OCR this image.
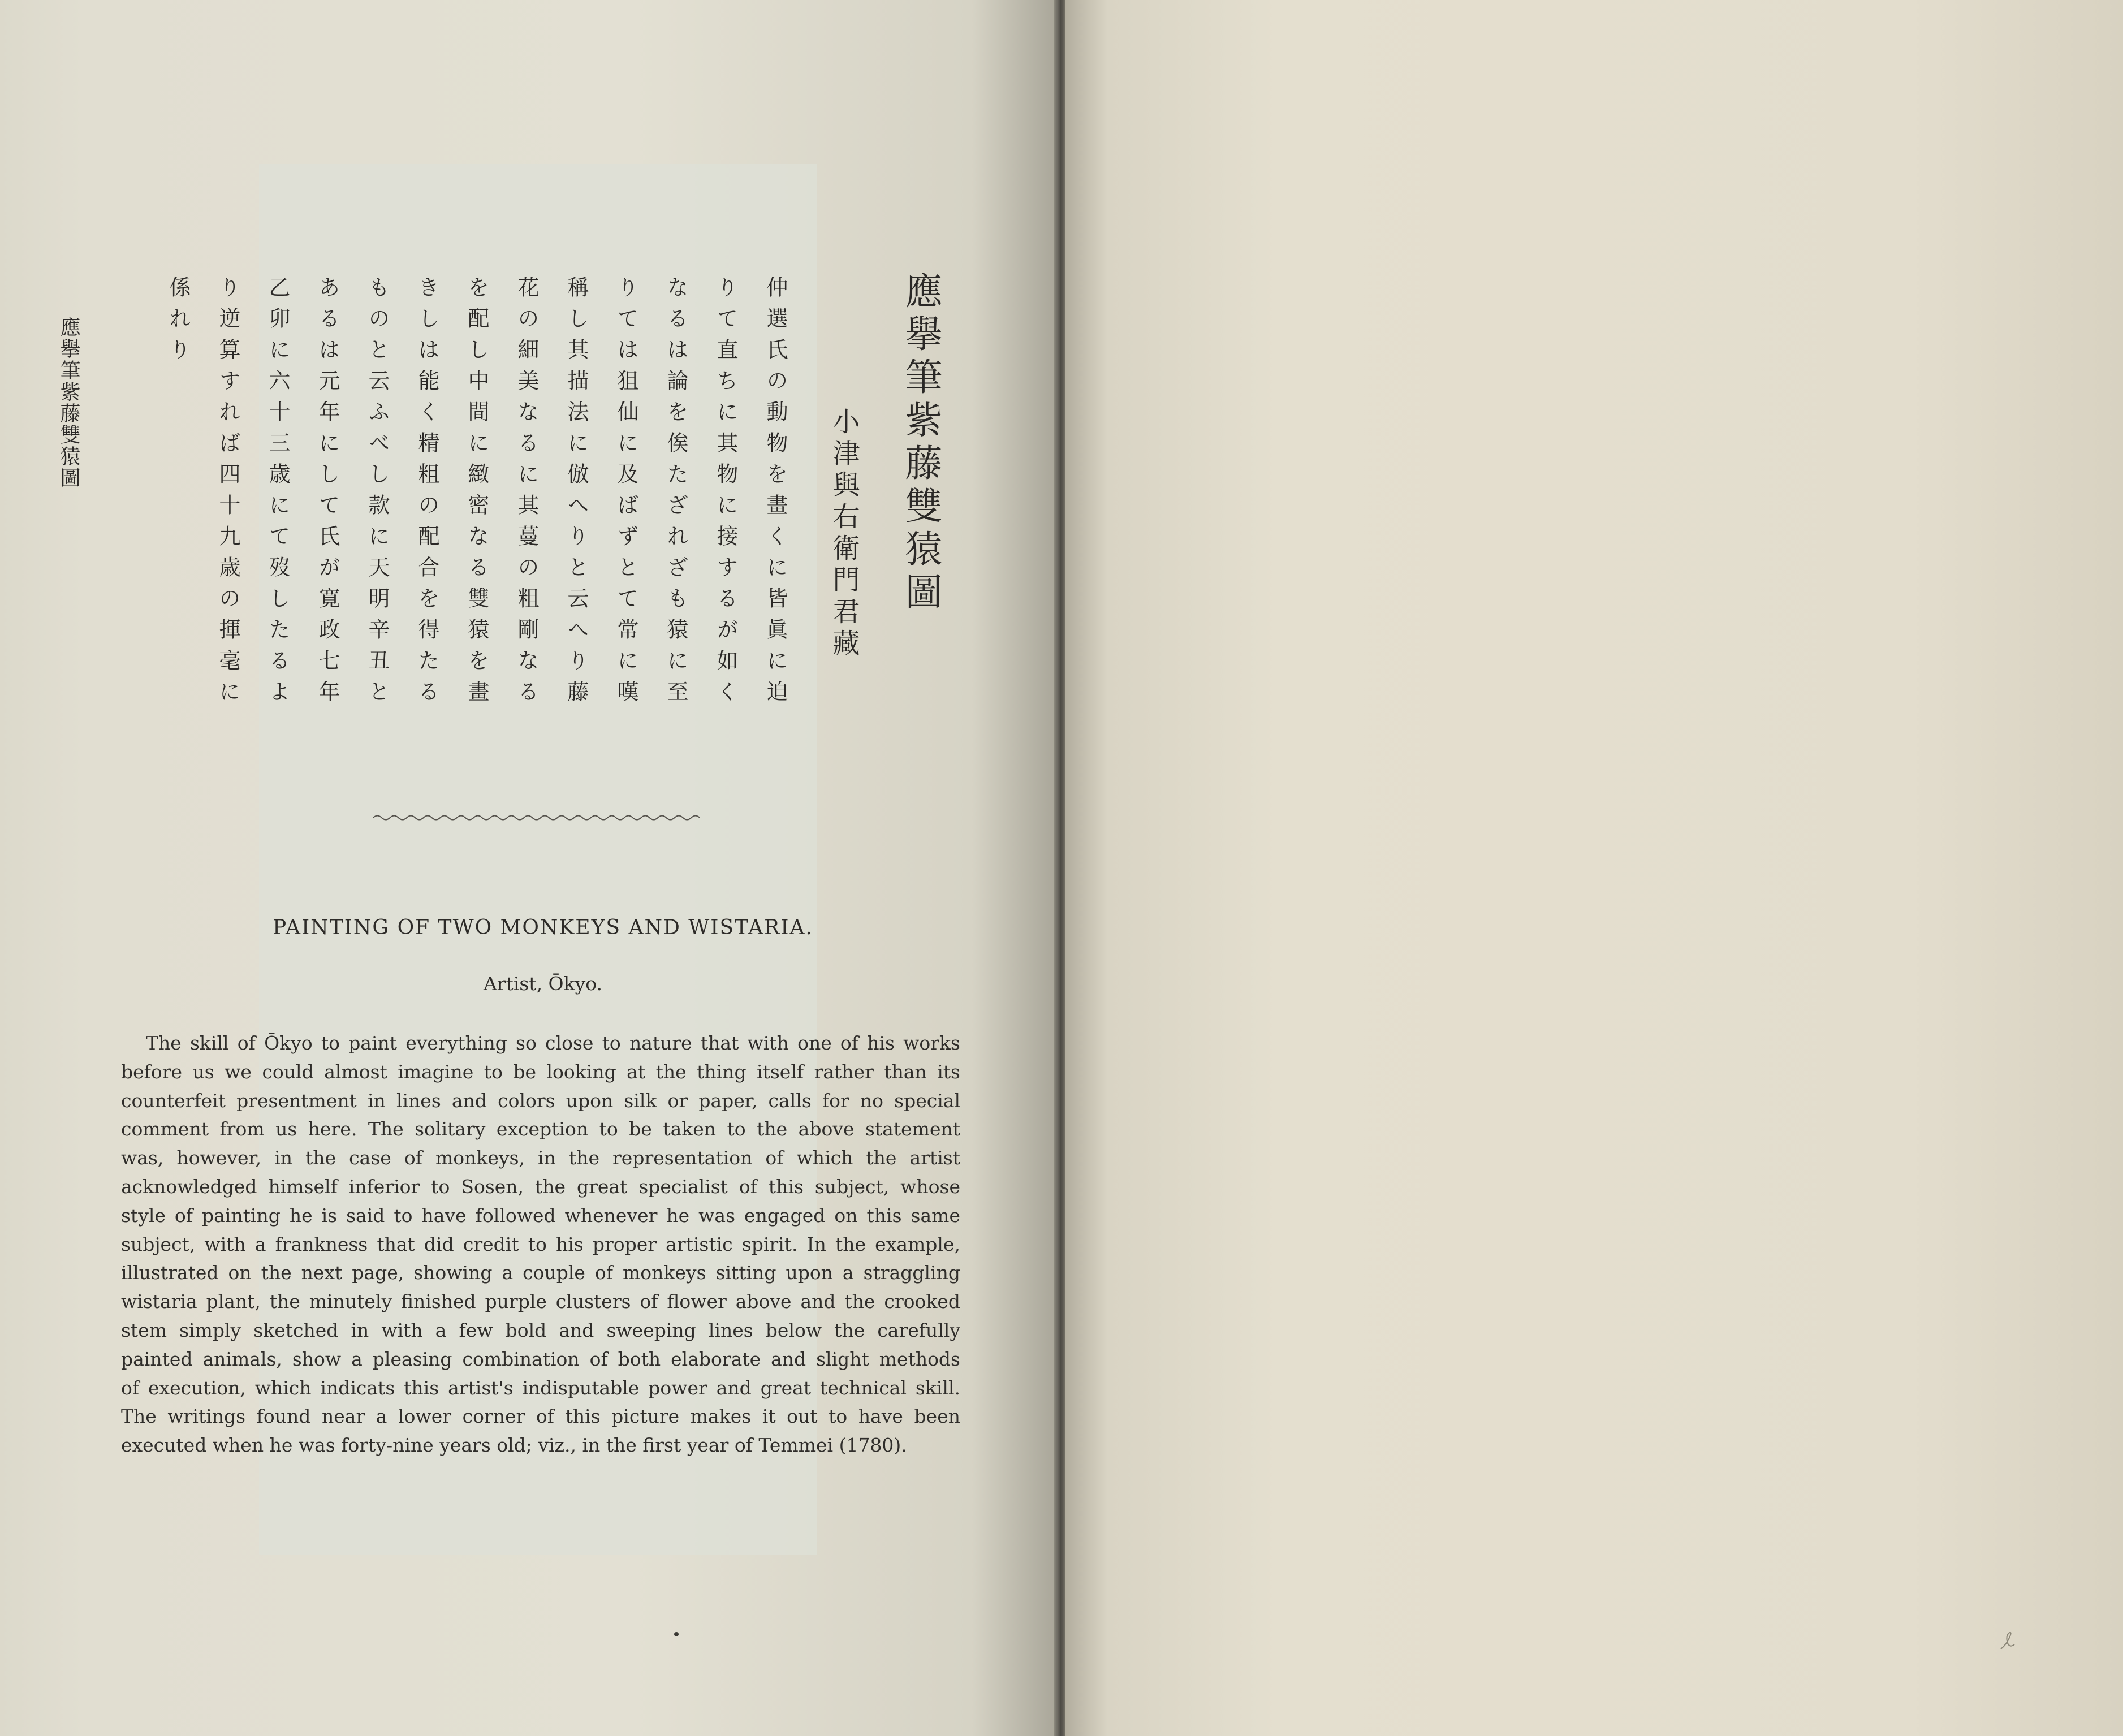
應擧筆紫藤雙猿圖	應擧筆紫藤雙猿圖
小津與右衛門君藏
仲選氏の動物を畫くに皆眞に迫
りて直ちに其物に接するが如く
なるは論を俟たざれざも猿に至
りては狙仙に及ばずとて常に嘆
稱し其描法に倣へりと云へり藤
花の細美なるに其蔓の粗剛なる
を配し中間に緻密なる雙猿を畫
きしは能く精粗の配合を得たる
ものと云ふべし款に天明辛丑と
あるは元年にして氏が寛政七年
乙卯に六十三歳にて歿したるよ
り逆算すれば四十九歳の揮毫に
係れり
PAINTING OF TWO MONKEYS AND WISTARIA.
Artist, Ōkyo.
The skill of Ōkyo to paint everything so close to nature that with one of his works
before us we could almost imagine to be looking at the thing itself rather than its
counterfeit presentment in lines and colors upon silk or paper, calls for no special
comment from us here. The solitary exception to be taken to the above statement
was, however, in the case of monkeys, in the representation of which the artist
acknowledged himself inferior to Sosen, the great specialist of this subject, whose
style of painting he is said to have followed whenever he was engaged on this same
subject, with a frankness that did credit to his proper artistic spirit. In the example,
illustrated on the next page, showing a couple of monkeys sitting upon a straggling
wistaria plant, the minutely finished purple clusters of flower above and the crooked
stem simply sketched in with a few bold and sweeping lines below the carefully
painted animals, show a pleasing combination of both elaborate and slight methods
of execution, which indicats this artist's indisputable power and great technical skill.
The writings found near a lower corner of this picture makes it out to have been
executed when he was forty-nine years old; viz., in the first year of Temmei (1780).
